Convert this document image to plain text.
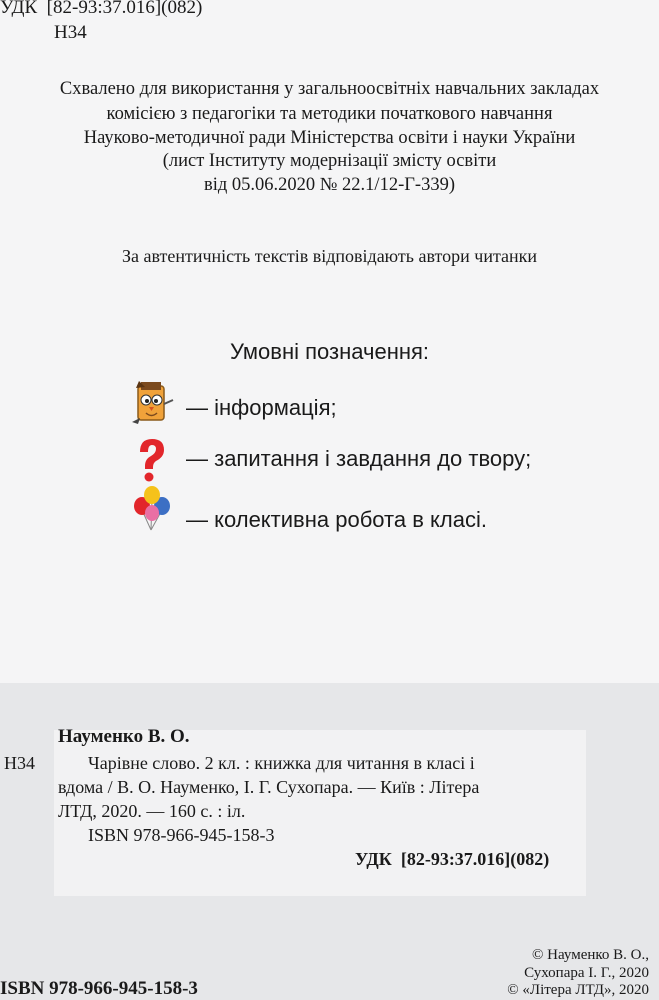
УДК  [82-93:37.016](082)
Н34
Схвалено для використання у загальноосвітніх навчальних закладах
комісією з педагогіки та методики початкового навчання
Науково-методичної ради Міністерства освіти і науки України
(лист Інституту модернізації змісту освіти
від 05.06.2020 № 22.1/12-Г-339)
За автентичність текстів відповідають автори читанки
Умовні позначення:
— інформація;
— запитання і завдання до твору;
— колективна робота в класі.
Науменко В. О.
Н34	Чарівне слово. 2 кл. : книжка для читання в класі і
вдома / В. О. Науменко, І. Г. Сухопара. — Київ : Літера
ЛТД, 2020. — 160 с. : іл.
ISBN 978-966-945-158-3
УДК  [82-93:37.016](082)
© Науменко В. О.,
Сухопара І. Г., 2020
© «Літера ЛТД», 2020
ISBN 978-966-945-158-3
